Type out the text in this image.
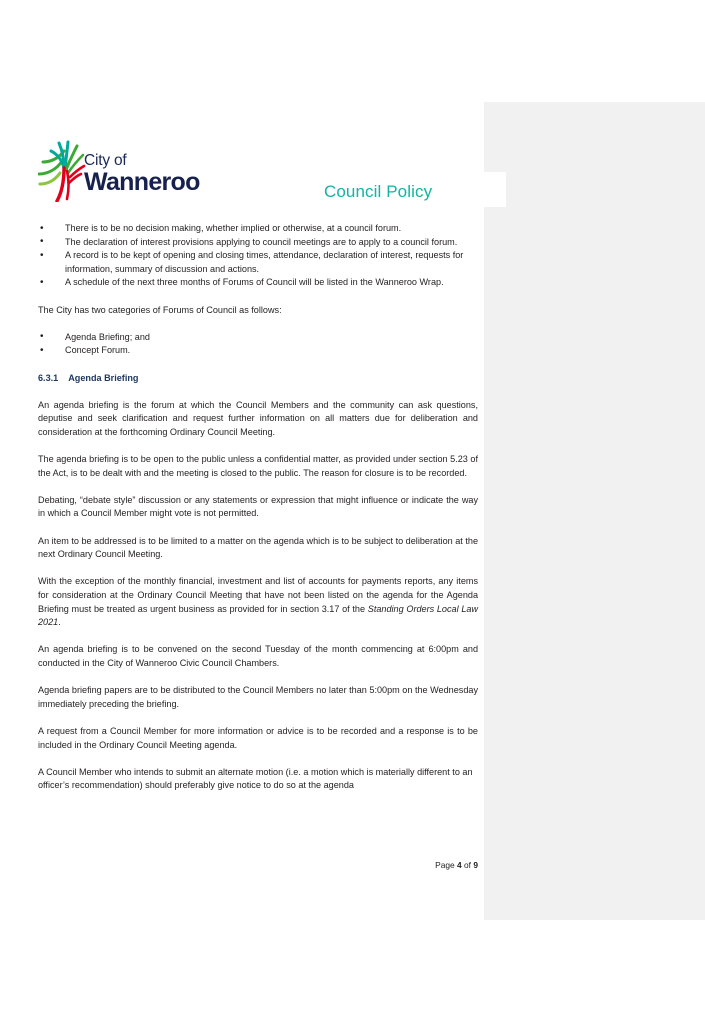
City of
Wanneroo	Council Policy
• There is to be no decision making, whether implied or otherwise, at a council forum.
• The declaration of interest provisions applying to council meetings are to apply to a council forum.
• A record is to be kept of opening and closing times, attendance, declaration of interest, requests for information, summary of discussion and actions.
• A schedule of the next three months of Forums of Council will be listed in the Wanneroo Wrap.

The City has two categories of Forums of Council as follows:

• Agenda Briefing; and
• Concept Forum.

6.3.1 Agenda Briefing

An agenda briefing is the forum at which the Council Members and the community can ask questions, deputise and seek clarification and request further information on all matters due for deliberation and consideration at the forthcoming Ordinary Council Meeting.

The agenda briefing is to be open to the public unless a confidential matter, as provided under section 5.23 of the Act, is to be dealt with and the meeting is closed to the public. The reason for closure is to be recorded.

Debating, “debate style” discussion or any statements or expression that might influence or indicate the way in which a Council Member might vote is not permitted.

An item to be addressed is to be limited to a matter on the agenda which is to be subject to deliberation at the next Ordinary Council Meeting.

With the exception of the monthly financial, investment and list of accounts for payments reports, any items for consideration at the Ordinary Council Meeting that have not been listed on the agenda for the Agenda Briefing must be treated as urgent business as provided for in section 3.17 of the Standing Orders Local Law 2021.

An agenda briefing is to be convened on the second Tuesday of the month commencing at 6:00pm and conducted in the City of Wanneroo Civic Council Chambers.

Agenda briefing papers are to be distributed to the Council Members no later than 5:00pm on the Wednesday immediately preceding the briefing.

A request from a Council Member for more information or advice is to be recorded and a response is to be included in the Ordinary Council Meeting agenda.

A Council Member who intends to submit an alternate motion (i.e. a motion which is materially different to an officer’s recommendation) should preferably give notice to do so at the agenda

Page 4 of 9
